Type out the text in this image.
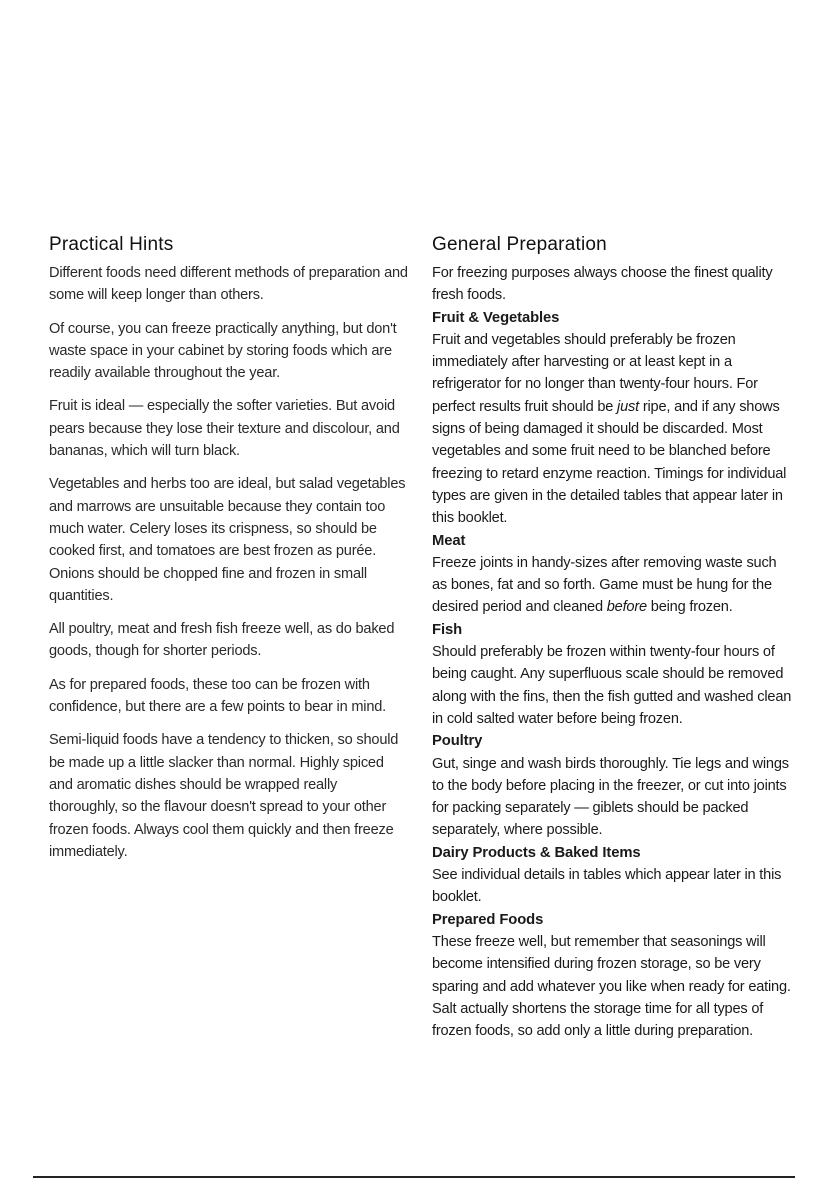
Practical Hints

Different foods need different methods of preparation and some will keep longer than others.

Of course, you can freeze practically anything, but don't waste space in your cabinet by storing foods which are readily available throughout the year.

Fruit is ideal — especially the softer varieties. But avoid pears because they lose their texture and discolour, and bananas, which will turn black.

Vegetables and herbs too are ideal, but salad vegetables and marrows are unsuitable because they contain too much water. Celery loses its crispness, so should be cooked first, and tomatoes are best frozen as purée. Onions should be chopped fine and frozen in small quantities.

All poultry, meat and fresh fish freeze well, as do baked goods, though for shorter periods.

As for prepared foods, these too can be frozen with confidence, but there are a few points to bear in mind.

Semi-liquid foods have a tendency to thicken, so should be made up a little slacker than normal. Highly spiced and aromatic dishes should be wrapped really thoroughly, so the flavour doesn't spread to your other frozen foods. Always cool them quickly and then freeze immediately.

General Preparation

For freezing purposes always choose the finest quality fresh foods.

Fruit & Vegetables

Fruit and vegetables should preferably be frozen immediately after harvesting or at least kept in a refrigerator for no longer than twenty-four hours. For perfect results fruit should be just ripe, and if any shows signs of being damaged it should be discarded. Most vegetables and some fruit need to be blanched before freezing to retard enzyme reaction. Timings for individual types are given in the detailed tables that appear later in this booklet.

Meat

Freeze joints in handy-sizes after removing waste such as bones, fat and so forth. Game must be hung for the desired period and cleaned before being frozen.

Fish

Should preferably be frozen within twenty-four hours of being caught. Any superfluous scale should be removed along with the fins, then the fish gutted and washed clean in cold salted water before being frozen.

Poultry

Gut, singe and wash birds thoroughly. Tie legs and wings to the body before placing in the freezer, or cut into joints for packing separately — giblets should be packed separately, where possible.

Dairy Products & Baked Items

See individual details in tables which appear later in this booklet.

Prepared Foods

These freeze well, but remember that seasonings will become intensified during frozen storage, so be very sparing and add whatever you like when ready for eating. Salt actually shortens the storage time for all types of frozen foods, so add only a little during preparation.
